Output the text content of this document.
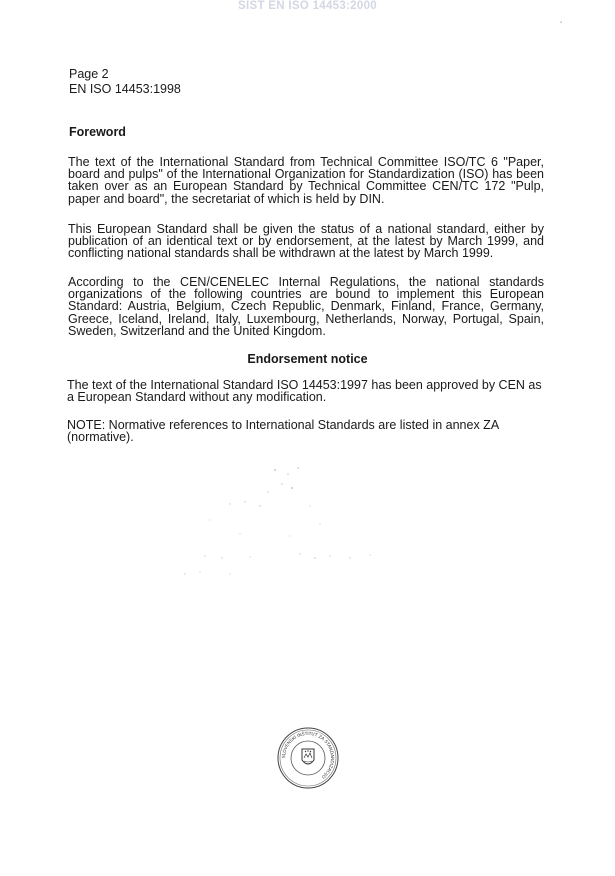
SIST EN ISO 14453:2000
▪
Page 2
EN ISO 14453:1998
Foreword

The text of the International Standard from Technical Committee ISO/TC 6 "Paper, board and pulps" of the International Organization for Standardization (ISO) has been taken over as an European Standard by Technical Committee CEN/TC 172 "Pulp, paper and board", the secretariat of which is held by DIN.

This European Standard shall be given the status of a national standard, either by publication of an identical text or by endorsement, at the latest by March 1999, and conflicting national standards shall be withdrawn at the latest by March 1999.

According to the CEN/CENELEC Internal Regulations, the national standards organizations of the following countries are bound to implement this European Standard: Austria, Belgium, Czech Republic, Denmark, Finland, France, Germany, Greece, Iceland, Ireland, Italy, Luxembourg, Netherlands, Norway, Portugal, Spain, Sweden, Switzerland and the United Kingdom.

Endorsement notice

The text of the International Standard ISO 14453:1997 has been approved by CEN as a European Standard without any modification.

NOTE: Normative references to International Standards are listed in annex ZA (normative).

SLOVENSKI INŠTITUT ZA STANDARDIZACIJO
